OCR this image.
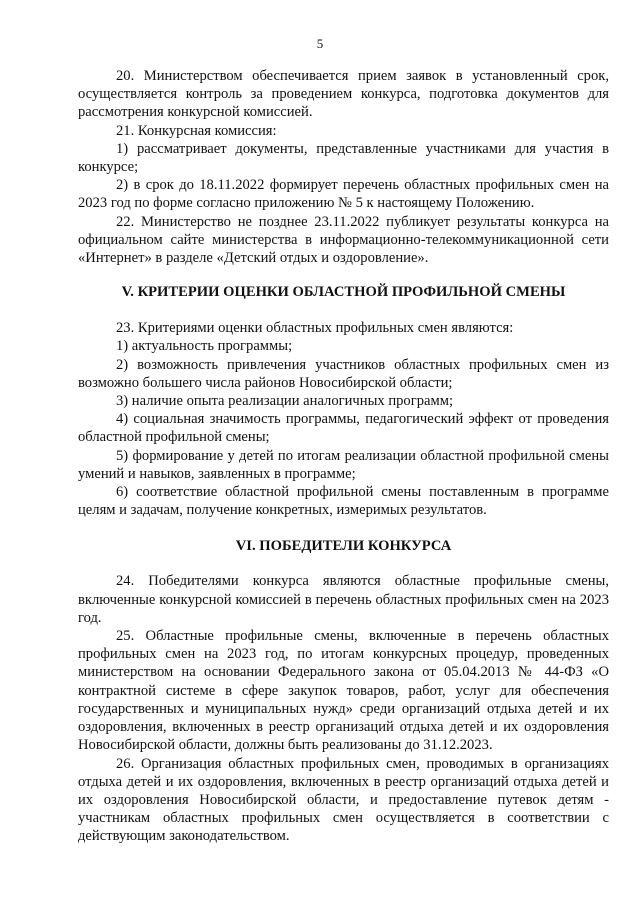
5

20. Министерством обеспечивается прием заявок в установленный срок, осуществляется контроль за проведением конкурса, подготовка документов для рассмотрения конкурсной комиссией.

21. Конкурсная комиссия:

1) рассматривает документы, представленные участниками для участия в конкурсе;

2) в срок до 18.11.2022 формирует перечень областных профильных смен на 2023 год по форме согласно приложению № 5 к настоящему Положению.

22. Министерство не позднее 23.11.2022 публикует результаты конкурса на официальном сайте министерства в информационно-телекоммуникационной сети «Интернет» в разделе «Детский отдых и оздоровление».

V. КРИТЕРИИ ОЦЕНКИ ОБЛАСТНОЙ ПРОФИЛЬНОЙ СМЕНЫ

23. Критериями оценки областных профильных смен являются:

1) актуальность программы;

2) возможность привлечения участников областных профильных смен из возможно большего числа районов Новосибирской области;

3) наличие опыта реализации аналогичных программ;

4) социальная значимость программы, педагогический эффект от проведения областной профильной смены;

5) формирование у детей по итогам реализации областной профильной смены умений и навыков, заявленных в программе;

6) соответствие областной профильной смены поставленным в программе целям и задачам, получение конкретных, измеримых результатов.

VI. ПОБЕДИТЕЛИ КОНКУРСА

24. Победителями конкурса являются областные профильные смены, включенные конкурсной комиссией в перечень областных профильных смен на 2023 год.

25. Областные профильные смены, включенные в перечень областных профильных смен на 2023 год, по итогам конкурсных процедур, проведенных министерством на основании Федерального закона от 05.04.2013 № 44-ФЗ «О контрактной системе в сфере закупок товаров, работ, услуг для обеспечения государственных и муниципальных нужд» среди организаций отдыха детей и их оздоровления, включенных в реестр организаций отдыха детей и их оздоровления Новосибирской области, должны быть реализованы до 31.12.2023.

26. Организация областных профильных смен, проводимых в организациях отдыха детей и их оздоровления, включенных в реестр организаций отдыха детей и их оздоровления Новосибирской области, и предоставление путевок детям - участникам областных профильных смен осуществляется в соответствии с действующим законодательством.
